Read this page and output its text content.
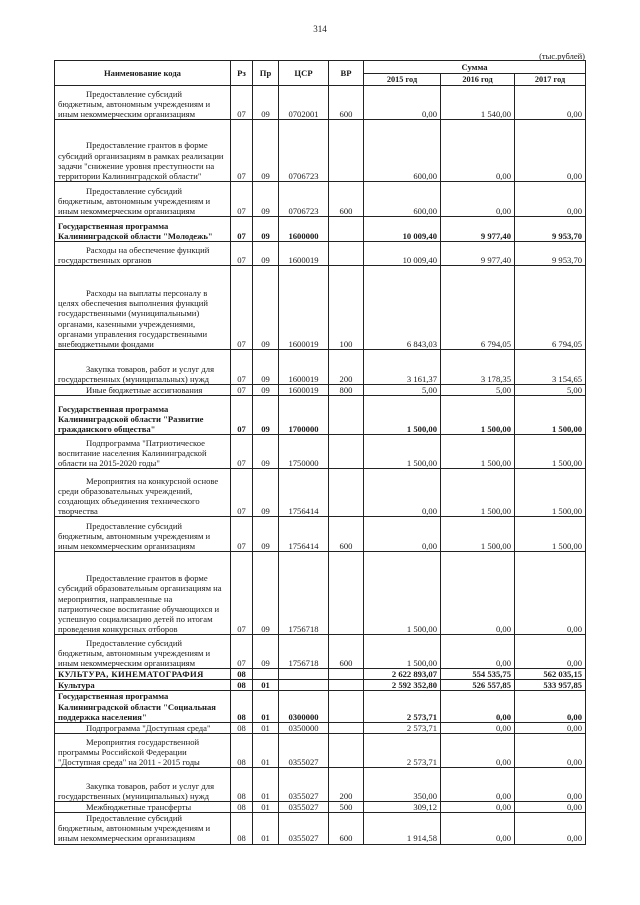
314
(тыс.рублей)
Наименование кода	Рз	Пр	ЦСР	ВР	Сумма		
					2015 год	2016 год	2017 год
Предоставление субсидий бюджетным, автономным учреждениям и иным некоммерческим организациям	07	09	0702001	600	0,00	1 540,00	0,00
Предоставление грантов в форме субсидий организациям в рамках реализации задачи "снижение уровня преступности на территории Калининградской области"	07	09	0706723		600,00	0,00	0,00
Предоставление субсидий бюджетным, автономным учреждениям и иным некоммерческим организациям	07	09	0706723	600	600,00	0,00	0,00
Государственная программа Калининградской области "Молодежь"	07	09	1600000		10 009,40	9 977,40	9 953,70
Расходы на обеспечение функций государственных органов	07	09	1600019		10 009,40	9 977,40	9 953,70
Расходы на выплаты персоналу в целях обеспечения выполнения функций государственными (муниципальными) органами, казенными учреждениями, органами управления государственными внебюджетными фондами	07	09	1600019	100	6 843,03	6 794,05	6 794,05
Закупка товаров, работ и услуг для государственных (муниципальных) нужд	07	09	1600019	200	3 161,37	3 178,35	3 154,65
Иные бюджетные ассигнования	07	09	1600019	800	5,00	5,00	5,00
Государственная программа Калининградской области "Развитие гражданского общества"	07	09	1700000		1 500,00	1 500,00	1 500,00
Подпрограмма "Патриотическое воспитание населения Калининградской области на 2015-2020 годы"	07	09	1750000		1 500,00	1 500,00	1 500,00
Мероприятия на конкурсной основе среди образовательных учреждений, создающих объединения технического творчества	07	09	1756414		0,00	1 500,00	1 500,00
Предоставление субсидий бюджетным, автономным учреждениям и иным некоммерческим организациям	07	09	1756414	600	0,00	1 500,00	1 500,00
Предоставление грантов в форме субсидий образовательным организациям на мероприятия, направленные на патриотическое воспитание обучающихся и успешную социализацию детей по итогам проведения конкурсных отборов	07	09	1756718		1 500,00	0,00	0,00
Предоставление субсидий бюджетным, автономным учреждениям и иным некоммерческим организациям	07	09	1756718	600	1 500,00	0,00	0,00
КУЛЬТУРА, КИНЕМАТОГРАФИЯ	08				2 622 893,07	554 535,75	562 035,15
Культура	08	01			2 592 352,80	526 557,85	533 957,85
Государственная программа Калининградской области "Социальная поддержка населения"	08	01	0300000		2 573,71	0,00	0,00
Подпрограмма "Доступная среда"	08	01	0350000		2 573,71	0,00	0,00
Мероприятия государственной программы Российской Федерации "Доступная среда" на 2011 - 2015 годы	08	01	0355027		2 573,71	0,00	0,00
Закупка товаров, работ и услуг для государственных (муниципальных) нужд	08	01	0355027	200	350,00	0,00	0,00
Межбюджетные трансферты	08	01	0355027	500	309,12	0,00	0,00
Предоставление субсидий бюджетным, автономным учреждениям и иным некоммерческим организациям	08	01	0355027	600	1 914,58	0,00	0,00
